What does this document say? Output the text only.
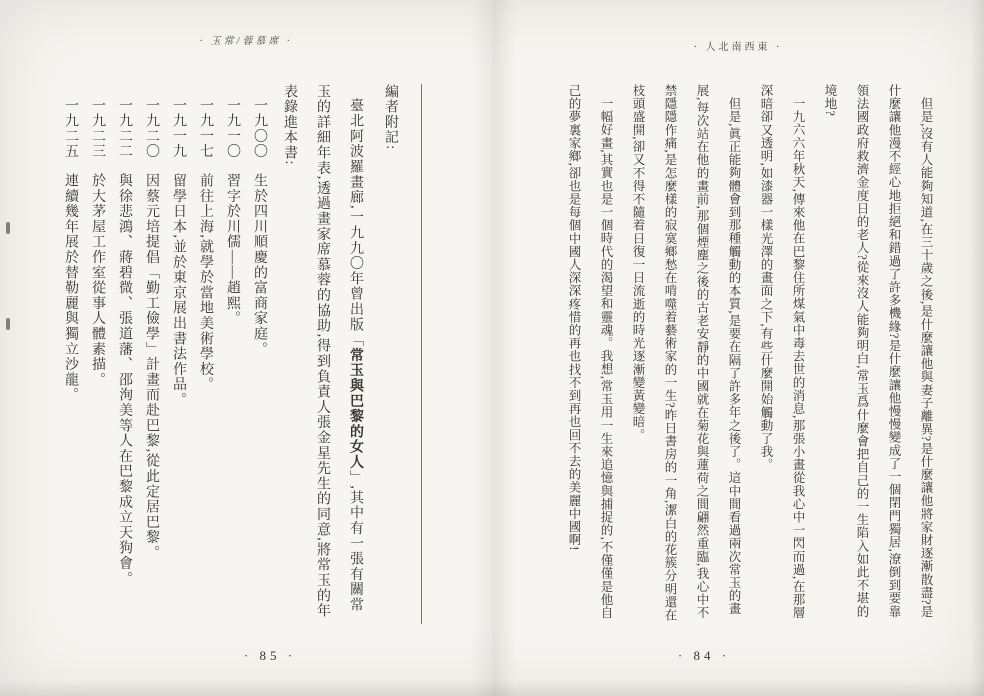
· 玉常/蓉慕席 ·

編者附記:

臺北阿波羅畫廊,一九九〇年曾出版「常玉與巴黎的女人」,其中有一張有關常玉的詳細年表,透過畫家席慕蓉的協助,得到負責人張金星先生的同意,將常玉的年表錄進本書:

一九〇〇生於四川順慶的富商家庭。
一九一〇習字於川儒——趙熙。
一九一七前往上海,就學於當地美術學校。
一九一九留學日本,並於東京展出書法作品。
一九二〇因蔡元培提倡「勤工儉學」計畫而赴巴黎,從此定居巴黎。
一九二二與徐悲鴻、蔣碧微、張道藩、邵洵美等人在巴黎成立天狗會。
一九二三於大茅屋工作室從事人體素描。
一九二五連續幾年展於替勒麗與獨立沙龍。
· 85 ·
· 人北南西東 ·

但是,沒有人能夠知道,在三十歲之後,是什麼讓他與妻子離異?是什麼讓他將家財逐漸散盡?是什麼讓他漫不經心地拒絕和錯過了許多機緣?是什麼讓他慢慢變成了一個閉門獨居,潦倒到要靠領法國政府救濟金度日的老人?從來沒人能夠明白,常玉爲什麼會把自己的一生陷入如此不堪的境地?

一九六六年秋天,傳來他在巴黎住所煤氣中毒去世的消息,那張小畫從我心中一閃而過,在那層深暗卻又透明,如漆器一樣光澤的畫面之下,有些什麼開始觸動了我。

但是,眞正能夠體會到那種觸動的本質,是要在隔了許多年之後了。這中間看過兩次常玉的畫展,每次站在他的畫前,那個煙塵之後的古老安靜的中國就在菊花與蓮荷之間翩然重臨,我心中不禁隱隱作痛,是怎麼樣的寂寞鄉愁在啃噬着藝術家的一生?昨日書房的一角,潔白的花簇分明還在枝頭盛開,卻又不得不隨着日復一日流逝的時光逐漸變黃變暗。

一幅好畫,其實也是一個時代的渴望和靈魂。我想,常玉用一生來追憶與捕捉的,不僅僅是他自己的夢裏家鄉,卻也是每個中國人深深疼惜的再也找不到再也回不去的美麗中國啊!

· 84 ·
